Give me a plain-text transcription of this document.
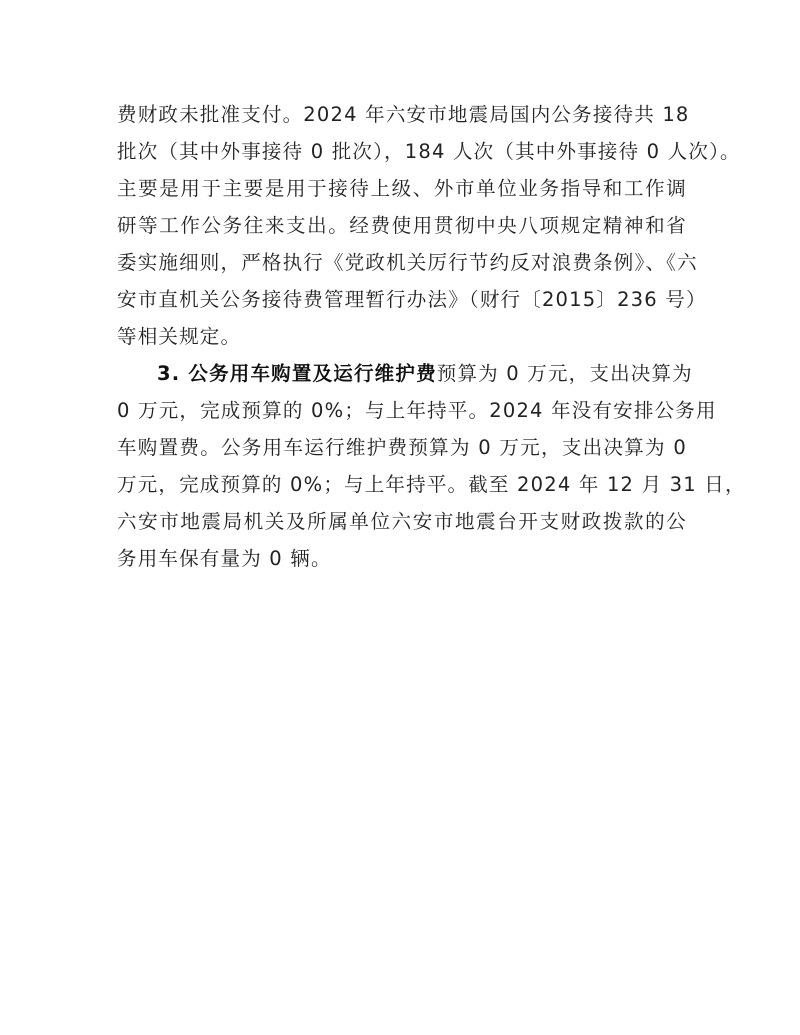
费财政未批准支付。2024 年六安市地震局国内公务接待共 18
批次（其中外事接待 0 批次），184 人次（其中外事接待 0 人次）。
主要是用于主要是用于接待上级、外市单位业务指导和工作调
研等工作公务往来支出。经费使用贯彻中央八项规定精神和省
委实施细则，严格执行《党政机关厉行节约反对浪费条例》、《六
安市直机关公务接待费管理暂行办法》（财行〔2015〕236 号）
等相关规定。
3. 公务用车购置及运行维护费预算为 0 万元，支出决算为
0 万元，完成预算的 0%；与上年持平。2024 年没有安排公务用
车购置费。公务用车运行维护费预算为 0 万元，支出决算为 0
万元，完成预算的 0%；与上年持平。截至 2024 年 12 月 31 日，
六安市地震局机关及所属单位六安市地震台开支财政拨款的公
务用车保有量为 0 辆。
